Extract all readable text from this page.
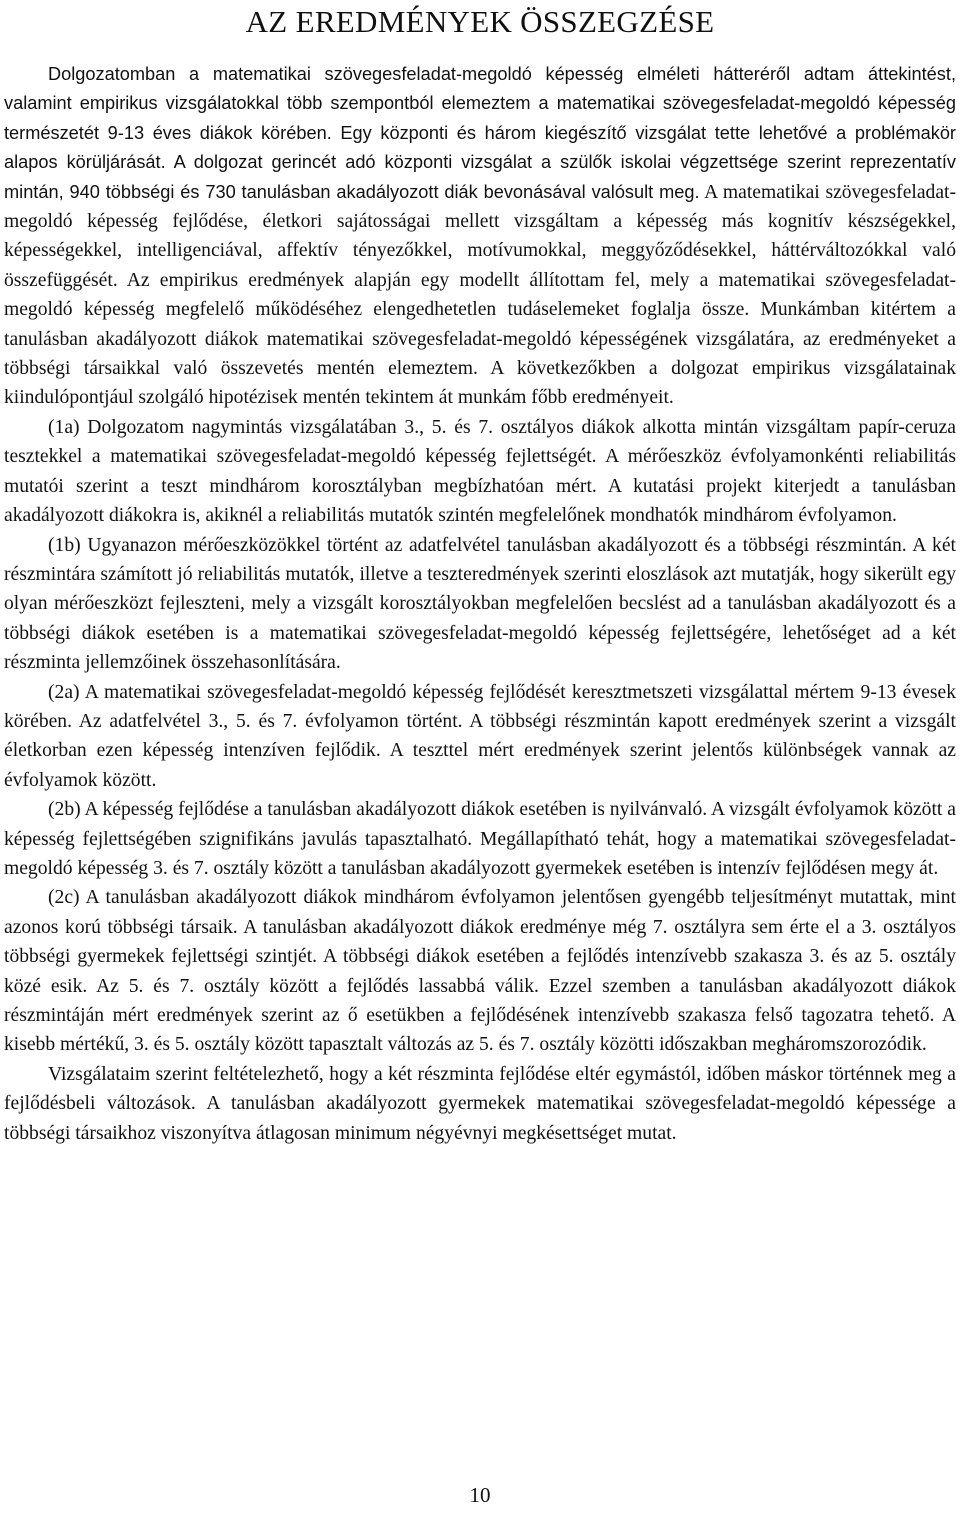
AZ EREDMÉNYEK ÖSSZEGZÉSE

Dolgozatomban a matematikai szövegesfeladat-megoldó képesség elméleti hátteréről adtam áttekintést, valamint empirikus vizsgálatokkal több szempontból elemeztem a matematikai szövegesfeladat-megoldó képesség természetét 9-13 éves diákok körében. Egy központi és három kiegészítő vizsgálat tette lehetővé a problémakör alapos körüljárását. A dolgozat gerincét adó központi vizsgálat a szülők iskolai végzettsége szerint reprezentatív mintán, 940 többségi és 730 tanulásban akadályozott diák bevonásával valósult meg. A matematikai szövegesfeladat-megoldó képesség fejlődése, életkori sajátosságai mellett vizsgáltam a képesség más kognitív készségekkel, képességekkel, intelligenciával, affektív tényezőkkel, motívumokkal, meggyőződésekkel, háttérváltozókkal való összefüggését. Az empirikus eredmények alapján egy modellt állítottam fel, mely a matematikai szövegesfeladat-megoldó képesség megfelelő működéséhez elengedhetetlen tudáselemeket foglalja össze. Munkámban kitértem a tanulásban akadályozott diákok matematikai szövegesfeladat-megoldó képességének vizsgálatára, az eredményeket a többségi társaikkal való összevetés mentén elemeztem. A következőkben a dolgozat empirikus vizsgálatainak kiindulópontjául szolgáló hipotézisek mentén tekintem át munkám főbb eredményeit.

(1a) Dolgozatom nagymintás vizsgálatában 3., 5. és 7. osztályos diákok alkotta mintán vizsgáltam papír-ceruza tesztekkel a matematikai szövegesfeladat-megoldó képesség fejlettségét. A mérőeszköz évfolyamonkénti reliabilitás mutatói szerint a teszt mindhárom korosztályban megbízhatóan mért. A kutatási projekt kiterjedt a tanulásban akadályozott diákokra is, akiknél a reliabilitás mutatók szintén megfelelőnek mondhatók mindhárom évfolyamon.

(1b) Ugyanazon mérőeszközökkel történt az adatfelvétel tanulásban akadályozott és a többségi részmintán. A két részmintára számított jó reliabilitás mutatók, illetve a teszteredmények szerinti eloszlások azt mutatják, hogy sikerült egy olyan mérőeszközt fejleszteni, mely a vizsgált korosztályokban megfelelően becslést ad a tanulásban akadályozott és a többségi diákok esetében is a matematikai szövegesfeladat-megoldó képesség fejlettségére, lehetőséget ad a két részminta jellemzőinek összehasonlítására.

(2a) A matematikai szövegesfeladat-megoldó képesség fejlődését keresztmetszeti vizsgálattal mértem 9-13 évesek körében. Az adatfelvétel 3., 5. és 7. évfolyamon történt. A többségi részmintán kapott eredmények szerint a vizsgált életkorban ezen képesség intenzíven fejlődik. A teszttel mért eredmények szerint jelentős különbségek vannak az évfolyamok között.

(2b) A képesség fejlődése a tanulásban akadályozott diákok esetében is nyilvánvaló. A vizsgált évfolyamok között a képesség fejlettségében szignifikáns javulás tapasztalható. Megállapítható tehát, hogy a matematikai szövegesfeladat-megoldó képesség 3. és 7. osztály között a tanulásban akadályozott gyermekek esetében is intenzív fejlődésen megy át.

(2c) A tanulásban akadályozott diákok mindhárom évfolyamon jelentősen gyengébb teljesítményt mutattak, mint azonos korú többségi társaik. A tanulásban akadályozott diákok eredménye még 7. osztályra sem érte el a 3. osztályos többségi gyermekek fejlettségi szintjét. A többségi diákok esetében a fejlődés intenzívebb szakasza 3. és az 5. osztály közé esik. Az 5. és 7. osztály között a fejlődés lassabbá válik. Ezzel szemben a tanulásban akadályozott diákok részmintáján mért eredmények szerint az ő esetükben a fejlődésének intenzívebb szakasza felső tagozatra tehető. A kisebb mértékű, 3. és 5. osztály között tapasztalt változás az 5. és 7. osztály közötti időszakban megháromszorozódik.

Vizsgálataim szerint feltételezhető, hogy a két részminta fejlődése eltér egymástól, időben máskor történnek meg a fejlődésbeli változások. A tanulásban akadályozott gyermekek matematikai szövegesfeladat-megoldó képessége a többségi társaikhoz viszonyítva átlagosan minimum négyévnyi megkésettséget mutat.

10
